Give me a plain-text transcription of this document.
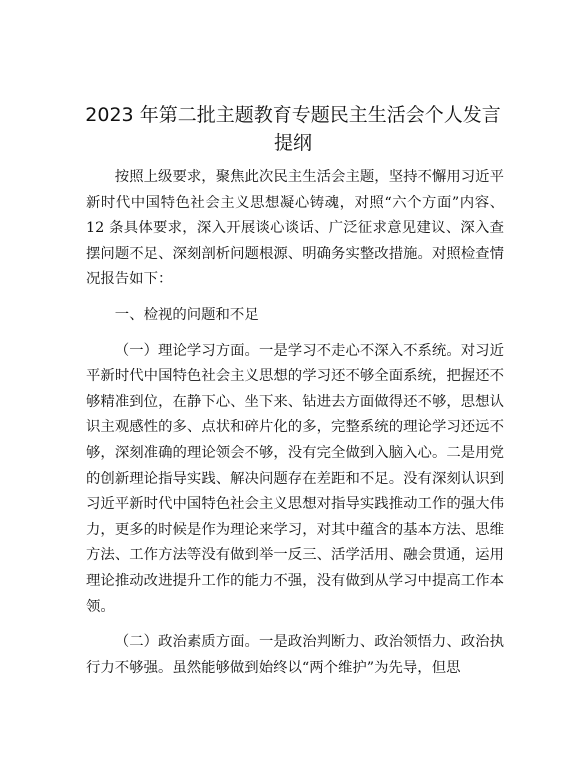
2023 年第二批主题教育专题民主生活会个人发言提纲

按照上级要求，聚焦此次民主生活会主题，坚持不懈用习近平新时代中国特色社会主义思想凝心铸魂，对照“六个方面”内容、12 条具体要求，深入开展谈心谈话、广泛征求意见建议、深入查摆问题不足、深刻剖析问题根源、明确务实整改措施。对照检查情况报告如下：

一、检视的问题和不足

（一）理论学习方面。一是学习不走心不深入不系统。对习近平新时代中国特色社会主义思想的学习还不够全面系统，把握还不够精准到位，在静下心、坐下来、钻进去方面做得还不够，思想认识主观感性的多、点状和碎片化的多，完整系统的理论学习还远不够，深刻准确的理论领会不够，没有完全做到入脑入心。二是用党的创新理论指导实践、解决问题存在差距和不足。没有深刻认识到习近平新时代中国特色社会主义思想对指导实践推动工作的强大伟力，更多的时候是作为理论来学习，对其中蕴含的基本方法、思维方法、工作方法等没有做到举一反三、活学活用、融会贯通，运用理论推动改进提升工作的能力不强，没有做到从学习中提高工作本领。

（二）政治素质方面。一是政治判断力、政治领悟力、政治执行力不够强。虽然能够做到始终以“两个维护”为先导，但思
